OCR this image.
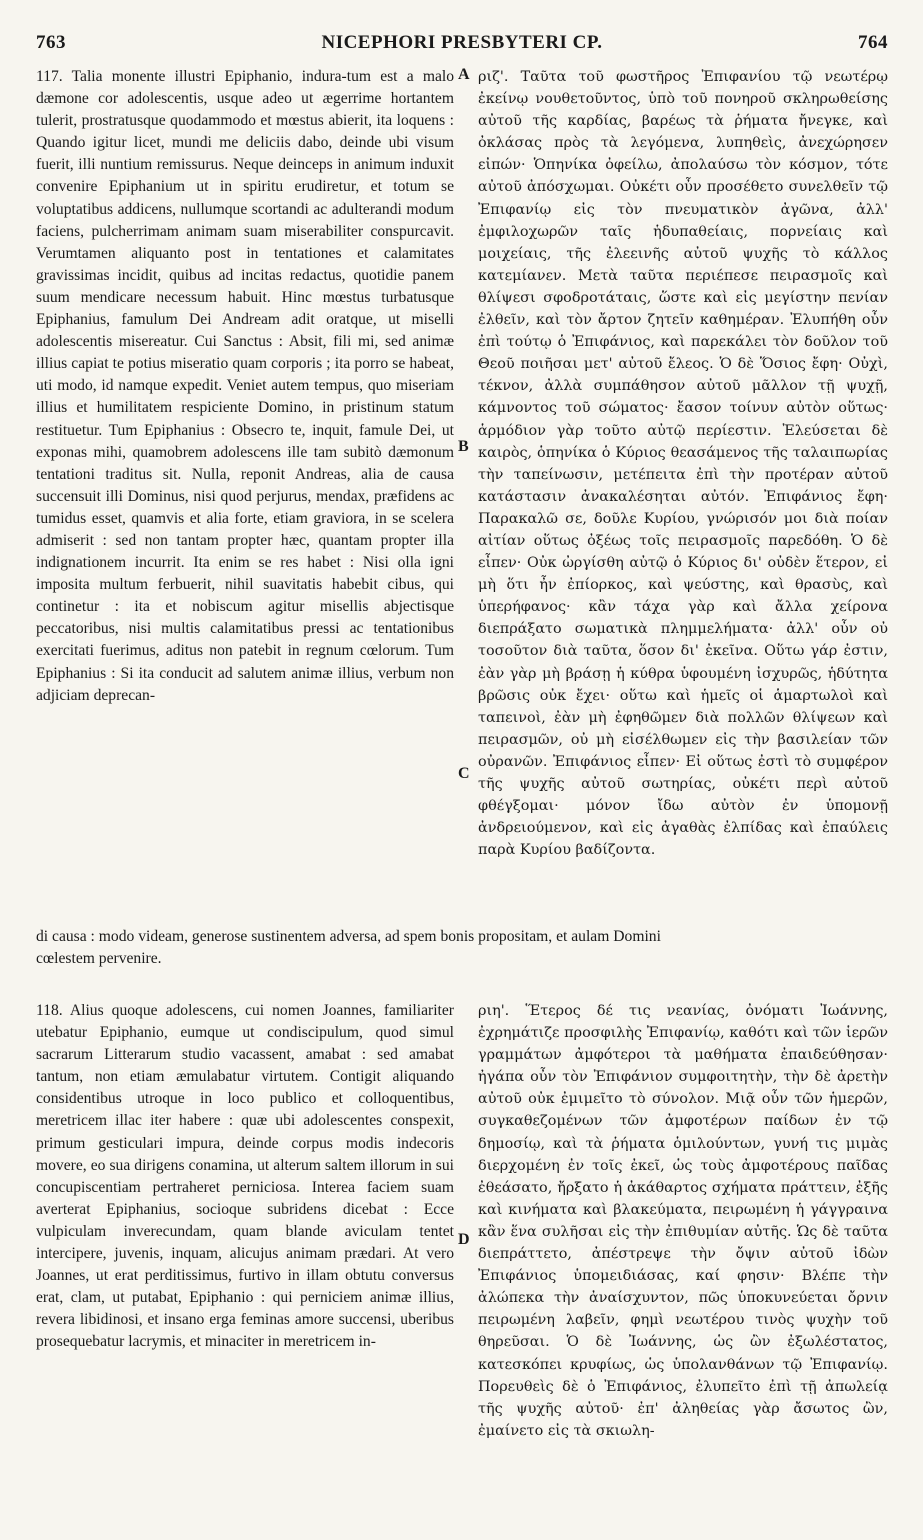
763	NICEPHORI PRESBYTERI CP.	764

117. Talia monente illustri Epiphanio, indura-tum est a malo dæmone cor adolescentis, usque adeo ut ægerrime hortantem tulerit, prostratusque quodammodo et mœstus abierit, ita loquens : Quando igitur licet, mundi me deliciis dabo, deinde ubi visum fuerit, illi nuntium remissurus. Neque deinceps in animum induxit convenire Epiphanium ut in spiritu erudiretur, et totum se voluptatibus addicens, nullumque scortandi ac adulterandi modum faciens, pulcherrimam animam suam miserabiliter conspurcavit. Verumtamen aliquanto post in tentationes et calamitates gravissimas incidit, quibus ad incitas redactus, quotidie panem suum mendicare necessum habuit. Hinc mœstus turbatusque Epiphanius, famulum Dei Andream adit oratque, ut miselli adolescentis misereatur. Cui Sanctus : Absit, fili mi, sed animæ illius capiat te potius miseratio quam corporis ; ita porro se habeat, uti modo, id namque expedit. Veniet autem tempus, quo miseriam illius et humilitatem respiciente Domino, in pristinum statum restituetur. Tum Epiphanius : Obsecro te, inquit, famule Dei, ut exponas mihi, quamobrem adolescens ille tam subitò dæmonum tentationi traditus sit. Nulla, reponit Andreas, alia de causa succensuit illi Dominus, nisi quod perjurus, mendax, præfidens ac tumidus esset, quamvis et alia forte, etiam graviora, in se scelera admiserit : sed non tantam propter hæc, quantam propter illa indignationem incurrit. Ita enim se res habet : Nisi olla igni imposita multum ferbuerit, nihil suavitatis habebit cibus, qui continetur : ita et nobiscum agitur misellis abjectisque peccatoribus, nisi multis calamitatibus pressi ac tentationibus exercitati fuerimus, aditus non patebit in regnum cœlorum. Tum Epiphanius : Si ita conducit ad salutem animæ illius, verbum non adjiciam deprecan-

ριζ'. Ταῦτα τοῦ φωστῆρος Ἐπιφανίου τῷ νεωτέρῳ ἐκείνῳ νουθετοῦντος, ὑπὸ τοῦ πονηροῦ σκληρωθείσης αὐτοῦ τῆς καρδίας, βαρέως τὰ ῥήματα ἤνεγκε, καὶ ὀκλάσας πρὸς τὰ λεγόμενα, λυπηθεὶς, ἀνεχώρησεν εἰπών· Ὁπηνίκα ὀφείλω, ἀπολαύσω τὸν κόσμον, τότε αὐτοῦ ἀπόσχωμαι. Οὐκέτι οὖν προσέθετο συνελθεῖν τῷ Ἐπιφανίῳ εἰς τὸν πνευματικὸν ἀγῶνα, ἀλλ' ἐμφιλοχωρῶν ταῖς ἡδυπαθείαις, πορνείαις καὶ μοιχείαις, τῆς ἐλεεινῆς αὐτοῦ ψυχῆς τὸ κάλλος κατεμίανεν. Μετὰ ταῦτα περιέπεσε πειρασμοῖς καὶ θλίψεσι σφοδροτάταις, ὥστε καὶ εἰς μεγίστην πενίαν ἐλθεῖν, καὶ τὸν ἄρτον ζητεῖν καθημέραν. Ἐλυπήθη οὖν ἐπὶ τούτῳ ὁ Ἐπιφάνιος, καὶ παρεκάλει τὸν δοῦλον τοῦ Θεοῦ ποιῆσαι μετ' αὐτοῦ ἔλεος. Ὁ δὲ Ὅσιος ἔφη· Οὐχὶ, τέκνον, ἀλλὰ συμπάθησον αὐτοῦ μᾶλλον τῇ ψυχῇ, κάμνοντος τοῦ σώματος· ἔασον τοίνυν αὐτὸν οὕτως· ἁρμόδιον γὰρ τοῦτο αὐτῷ περίεστιν. Ἐλεύσεται δὲ καιρὸς, ὁπηνίκα ὁ Κύριος θεασάμενος τῆς ταλαιπωρίας τὴν ταπείνωσιν, μετέπειτα ἐπὶ τὴν προτέραν αὐτοῦ κατάστασιν ἀνακαλέσηται αὐτόν. Ἐπιφάνιος ἔφη· Παρακαλῶ σε, δοῦλε Κυρίου, γνώρισόν μοι διὰ ποίαν αἰτίαν οὕτως ὀξέως τοῖς πειρασμοῖς παρεδόθη. Ὁ δὲ εἶπεν· Οὐκ ὠργίσθη αὐτῷ ὁ Κύριος δι' οὐδὲν ἕτερον, εἰ μὴ ὅτι ἦν ἐπίορκος, καὶ ψεύστης, καὶ θρασὺς, καὶ ὑπερήφανος· κἂν τάχα γὰρ καὶ ἄλλα χείρονα διεπράξατο σωματικὰ πλημμελήματα· ἀλλ' οὖν οὐ τοσοῦτον διὰ ταῦτα, ὅσον δι' ἐκεῖνα. Οὕτω γάρ ἐστιν, ἐὰν γὰρ μὴ βράσῃ ἡ κύθρα ὑφουμένη ἰσχυρῶς, ἡδύτητα βρῶσις οὐκ ἔχει· οὕτω καὶ ἡμεῖς οἱ ἁμαρτωλοὶ καὶ ταπεινοὶ, ἐὰν μὴ ἐφηθῶμεν διὰ πολλῶν θλίψεων καὶ πειρασμῶν, οὐ μὴ εἰσέλθωμεν εἰς τὴν βασιλείαν τῶν οὐρανῶν. Ἐπιφάνιος εἶπεν· Εἰ οὕτως ἐστὶ τὸ συμφέρον τῆς ψυχῆς αὐτοῦ σωτηρίας, οὐκέτι περὶ αὐτοῦ φθέγξομαι· μόνον ἴδω αὐτὸν ἐν ὑπομονῇ ἀνδρειούμενον, καὶ εἰς ἀγαθὰς ἐλπίδας καὶ ἐπαύλεις παρὰ Κυρίου βαδίζοντα.

A
B
C
D

di causa : modo videam, generose sustinentem adversa, ad spem bonis propositam, et aulam Domini

cœlestem pervenire.

118. Alius quoque adolescens, cui nomen Joannes, familiariter utebatur Epiphanio, eumque ut condiscipulum, quod simul sacrarum Litterarum studio vacassent, amabat : sed amabat tantum, non etiam æmulabatur virtutem. Contigit aliquando considentibus utroque in loco publico et colloquentibus, meretricem illac iter habere : quæ ubi adolescentes conspexit, primum gesticulari impura, deinde corpus modis indecoris movere, eo sua dirigens conamina, ut alterum saltem illorum in sui concupiscentiam pertraheret perniciosa. Interea faciem suam averterat Epiphanius, socioque subridens dicebat : Ecce vulpiculam inverecundam, quam blande aviculam tentet intercipere, juvenis, inquam, alicujus animam prædari. At vero Joannes, ut erat perditissimus, furtivo in illam obtutu conversus erat, clam, ut putabat, Epiphanio : qui perniciem animæ illius, revera libidinosi, et insano erga feminas amore succensi, uberibus prosequebatur lacrymis, et minaciter in meretricem in-

ριη'. Ἕτερος δέ τις νεανίας, ὀνόματι Ἰωάννης, ἐχρημάτιζε προσφιλὴς Ἐπιφανίῳ, καθότι καὶ τῶν ἱερῶν γραμμάτων ἀμφότεροι τὰ μαθήματα ἐπαιδεύθησαν· ἠγάπα οὖν τὸν Ἐπιφάνιον συμφοιτητὴν, τὴν δὲ ἀρετὴν αὐτοῦ οὐκ ἐμιμεῖτο τὸ σύνολον. Μιᾷ οὖν τῶν ἡμερῶν, συγκαθεζομένων τῶν ἀμφοτέρων παίδων ἐν τῷ δημοσίῳ, καὶ τὰ ῥήματα ὁμιλούντων, γυνή τις μιμὰς διερχομένη ἐν τοῖς ἐκεῖ, ὡς τοὺς ἀμφοτέρους παῖδας ἐθεάσατο, ἤρξατο ἡ ἀκάθαρτος σχήματα πράττειν, ἐξῆς καὶ κινήματα καὶ βλακεύματα, πειρωμένη ἡ γάγγραινα κἂν ἕνα συλῆσαι εἰς τὴν ἐπιθυμίαν αὐτῆς. Ὡς δὲ ταῦτα διεπράττετο, ἀπέστρεψε τὴν ὄψιν αὐτοῦ ἰδὼν Ἐπιφάνιος ὑπομειδιάσας, καί φησιν· Βλέπε τὴν ἀλώπεκα τὴν ἀναίσχυντον, πῶς ὑποκυνεύεται ὄρνιν πειρωμένη λαβεῖν, φημὶ νεωτέρου τινὸς ψυχὴν τοῦ θηρεῦσαι. Ὁ δὲ Ἰωάννης, ὡς ὢν ἐξωλέστατος, κατεσκόπει κρυφίως, ὡς ὑπολανθάνων τῷ Ἐπιφανίῳ. Πορευθεὶς δὲ ὁ Ἐπιφάνιος, ἐλυπεῖτο ἐπὶ τῇ ἀπωλείᾳ τῆς ψυχῆς αὐτοῦ· ἐπ' ἀληθείας γὰρ ἄσωτος ὢν, ἐμαίνετο εἰς τὰ σκιωλη-
